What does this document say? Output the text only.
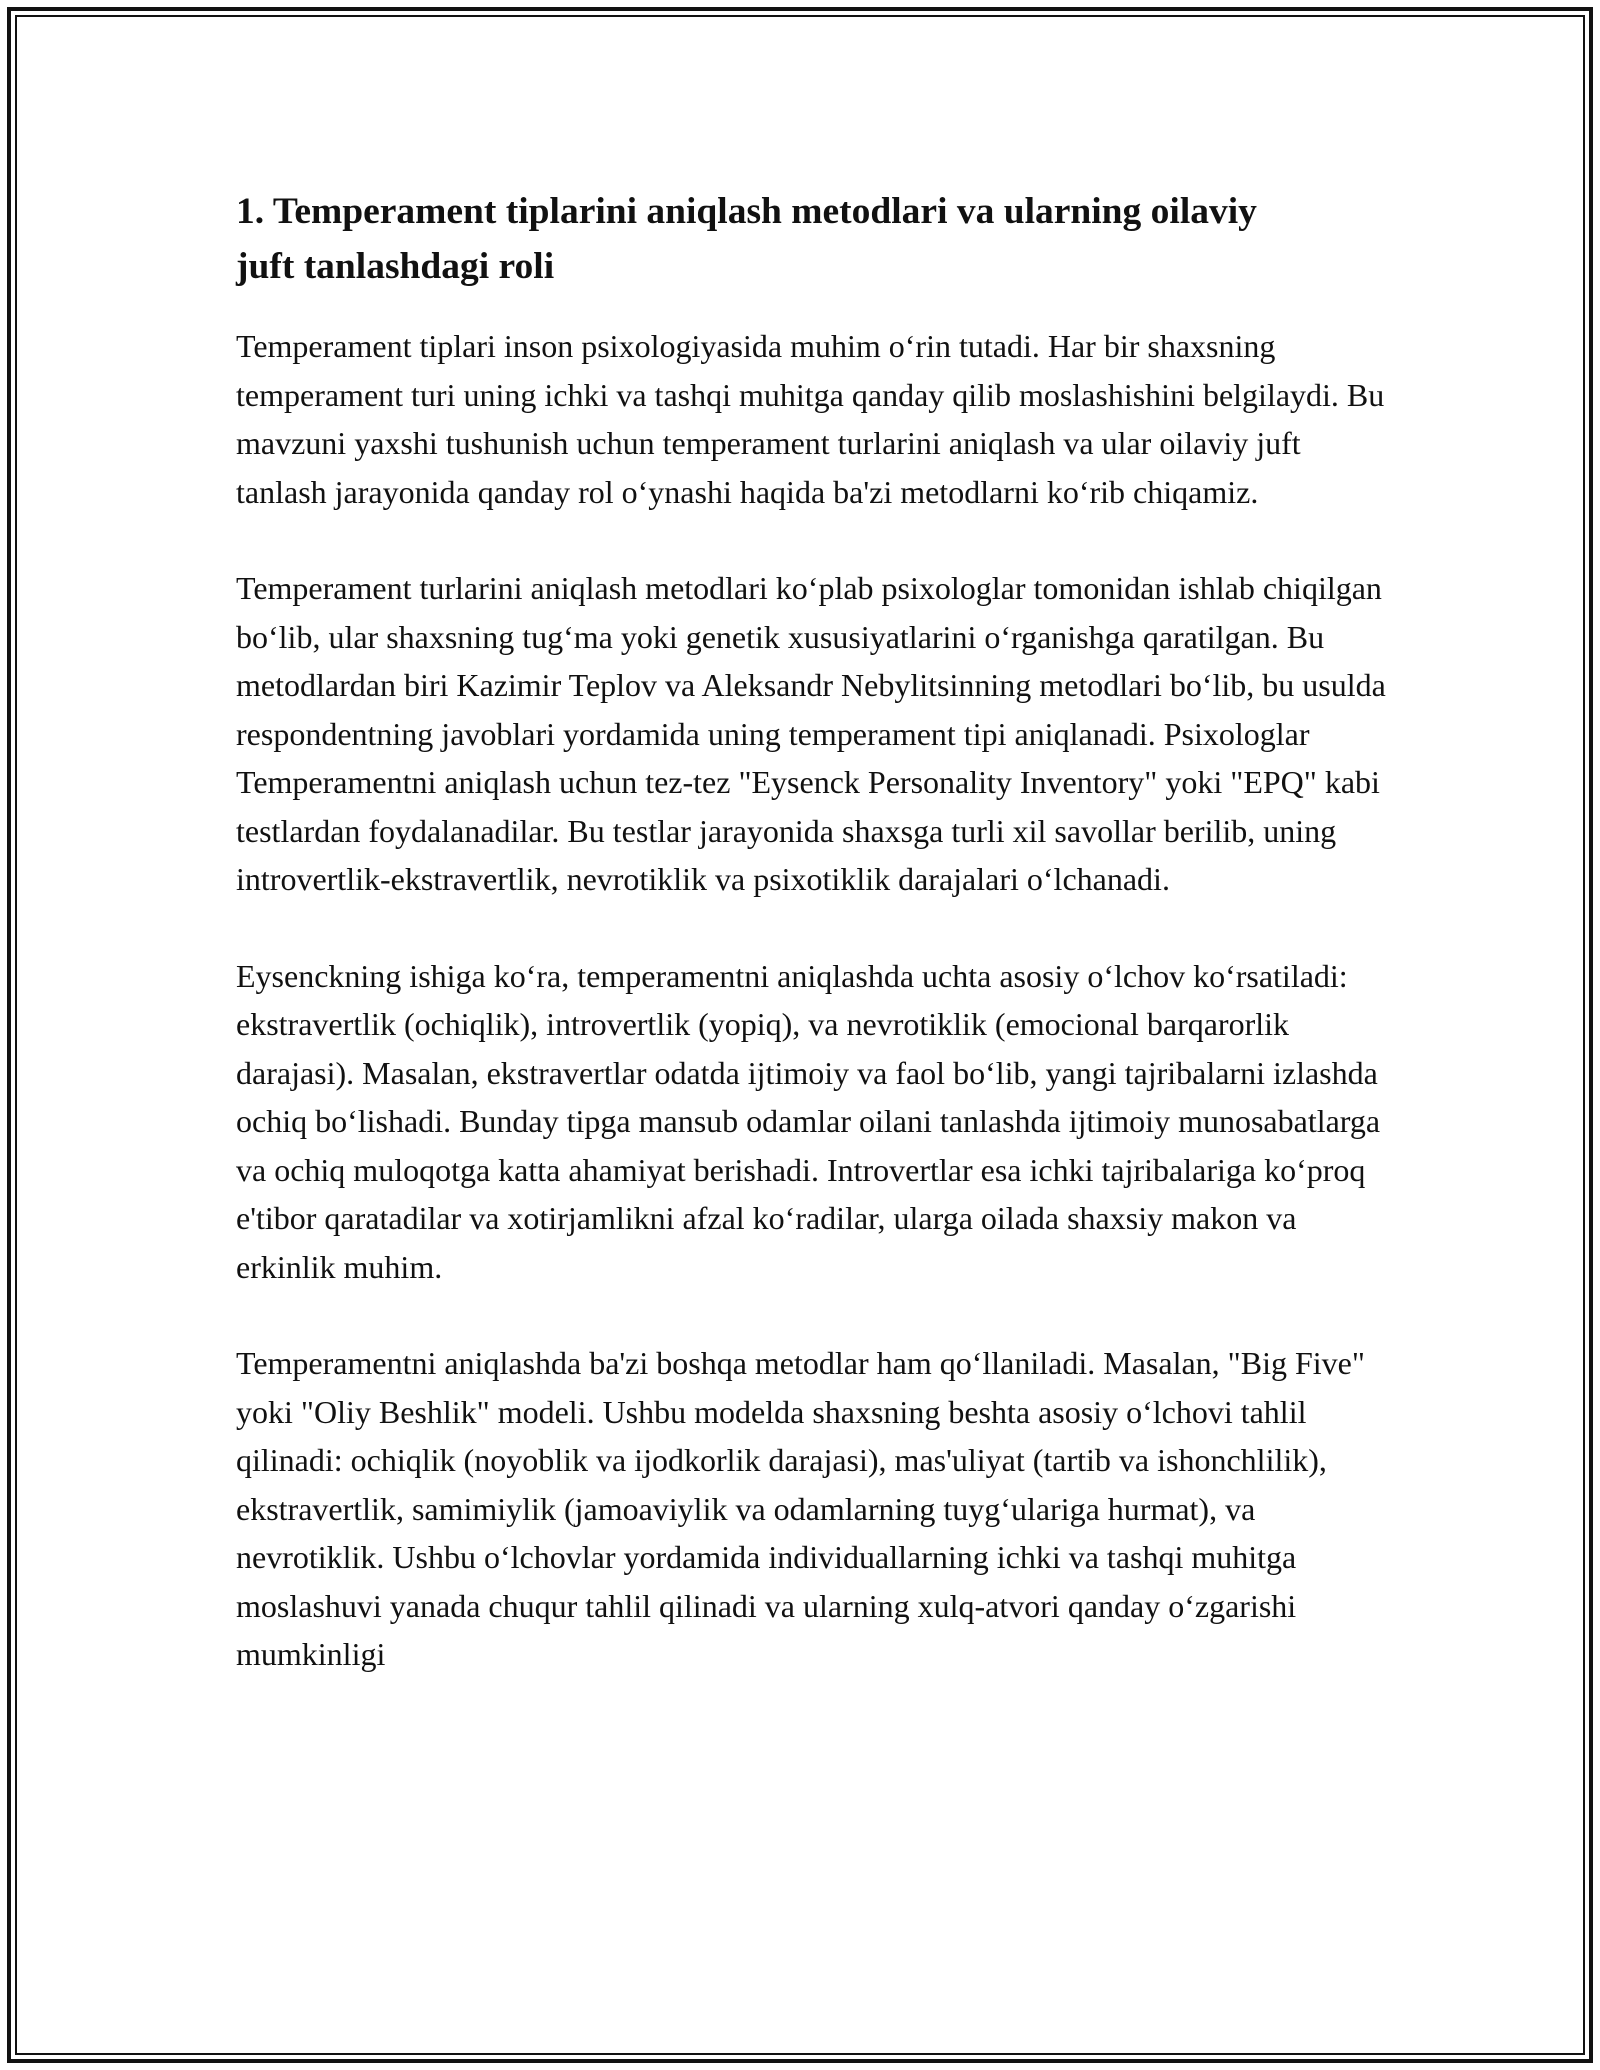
1. Temperament tiplarini aniqlash metodlari va ularning oilaviy juft tanlashdagi roli

Temperament tiplari inson psixologiyasida muhim o‘rin tutadi. Har bir shaxsning temperament turi uning ichki va tashqi muhitga qanday qilib moslashishini belgilaydi. Bu mavzuni yaxshi tushunish uchun temperament turlarini aniqlash va ular oilaviy juft tanlash jarayonida qanday rol o‘ynashi haqida ba'zi metodlarni ko‘rib chiqamiz.

Temperament turlarini aniqlash metodlari ko‘plab psixologlar tomonidan ishlab chiqilgan bo‘lib, ular shaxsning tug‘ma yoki genetik xususiyatlarini o‘rganishga qaratilgan. Bu metodlardan biri Kazimir Teplov va Aleksandr Nebylitsinning metodlari bo‘lib, bu usulda respondentning javoblari yordamida uning temperament tipi aniqlanadi. Psixologlar Temperamentni aniqlash uchun tez-tez "Eysenck Personality Inventory" yoki "EPQ" kabi testlardan foydalanadilar. Bu testlar jarayonida shaxsga turli xil savollar berilib, uning introvertlik-ekstravertlik, nevrotiklik va psixotiklik darajalari o‘lchanadi.

Eysenckning ishiga ko‘ra, temperamentni aniqlashda uchta asosiy o‘lchov ko‘rsatiladi: ekstravertlik (ochiqlik), introvertlik (yopiq), va nevrotiklik (emocional barqarorlik darajasi). Masalan, ekstravertlar odatda ijtimoiy va faol bo‘lib, yangi tajribalarni izlashda ochiq bo‘lishadi. Bunday tipga mansub odamlar oilani tanlashda ijtimoiy munosabatlarga va ochiq muloqotga katta ahamiyat berishadi. Introvertlar esa ichki tajribalariga ko‘proq e'tibor qaratadilar va xotirjamlikni afzal ko‘radilar, ularga oilada shaxsiy makon va erkinlik muhim.

Temperamentni aniqlashda ba'zi boshqa metodlar ham qo‘llaniladi. Masalan, "Big Five" yoki "Oliy Beshlik" modeli. Ushbu modelda shaxsning beshta asosiy o‘lchovi tahlil qilinadi: ochiqlik (noyoblik va ijodkorlik darajasi), mas'uliyat (tartib va ishonchlilik), ekstravertlik, samimiylik (jamoaviylik va odamlarning tuyg‘ulariga hurmat), va nevrotiklik. Ushbu o‘lchovlar yordamida individuallarning ichki va tashqi muhitga moslashuvi yanada chuqur tahlil qilinadi va ularning xulq-atvori qanday o‘zgarishi mumkinligi
